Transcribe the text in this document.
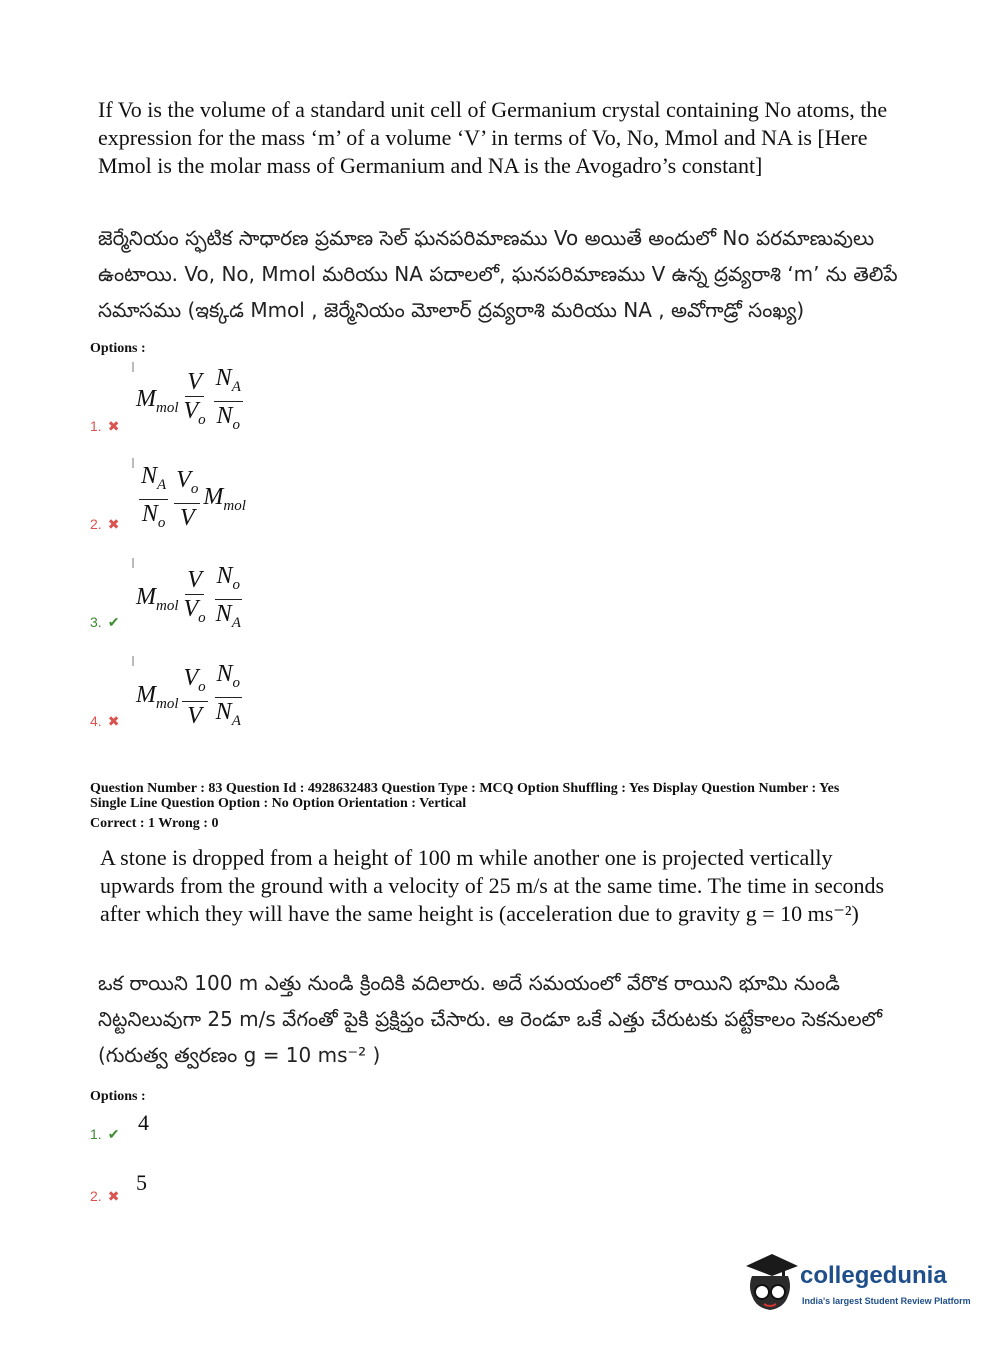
If Vo is the volume of a standard unit cell of Germanium crystal containing No atoms, the expression for the mass ‘m’ of a volume ‘V’ in terms of Vo, No, Mmol and NA is [Here Mmol is the molar mass of Germanium and NA is the Avogadro’s constant]
జెర్మేనియం స్ఫటిక సాధారణ ప్రమాణ సెల్ ఘనపరిమాణము Vo అయితే అందులో No పరమాణువులు ఉంటాయి. Vo, No, Mmol మరియు NA పదాలలో, ఘనపరిమాణము V ఉన్న ద్రవ్యరాశి ‘m’ ను తెలిపే సమాసము (ఇక్కడ Mmol , జెర్మేనియం మోలార్ ద్రవ్యరాశి మరియు NA , అవోగాడ్రో సంఖ్య)
Options :
$M_{mol} \frac{V}{V_o} \frac{N_A}{N_o}$
1. ✖
$\frac{N_A}{N_o} \frac{V_o}{V} M_{mol}$
2. ✖
$M_{mol} \frac{V}{V_o} \frac{N_o}{N_A}$
3. ✔
$M_{mol} \frac{V_o}{V} \frac{N_o}{N_A}$
4. ✖
Question Number : 83 Question Id : 4928632483 Question Type : MCQ Option Shuffling : Yes Display Question Number : Yes
Single Line Question Option : No Option Orientation : Vertical
Correct : 1 Wrong : 0
A stone is dropped from a height of 100 m while another one is projected vertically upwards from the ground with a velocity of 25 m/s at the same time. The time in seconds after which they will have the same height is (acceleration due to gravity g = 10 ms⁻²)
ఒక రాయిని 100 m ఎత్తు నుండి క్రిందికి వదిలారు. అదే సమయంలో వేరొక రాయిని భూమి నుండి నిట్టనిలువుగా 25 m/s వేగంతో పైకి ప్రక్షిప్తం చేసారు. ఆ రెండూ ఒకే ఎత్తు చేరుటకు పట్టేకాలం సెకనులలో (గురుత్వ త్వరణం g = 10 ms⁻² )
Options :
1. ✔ 4
2. ✖
5
collegedunia
India's largest Student Review Platform
